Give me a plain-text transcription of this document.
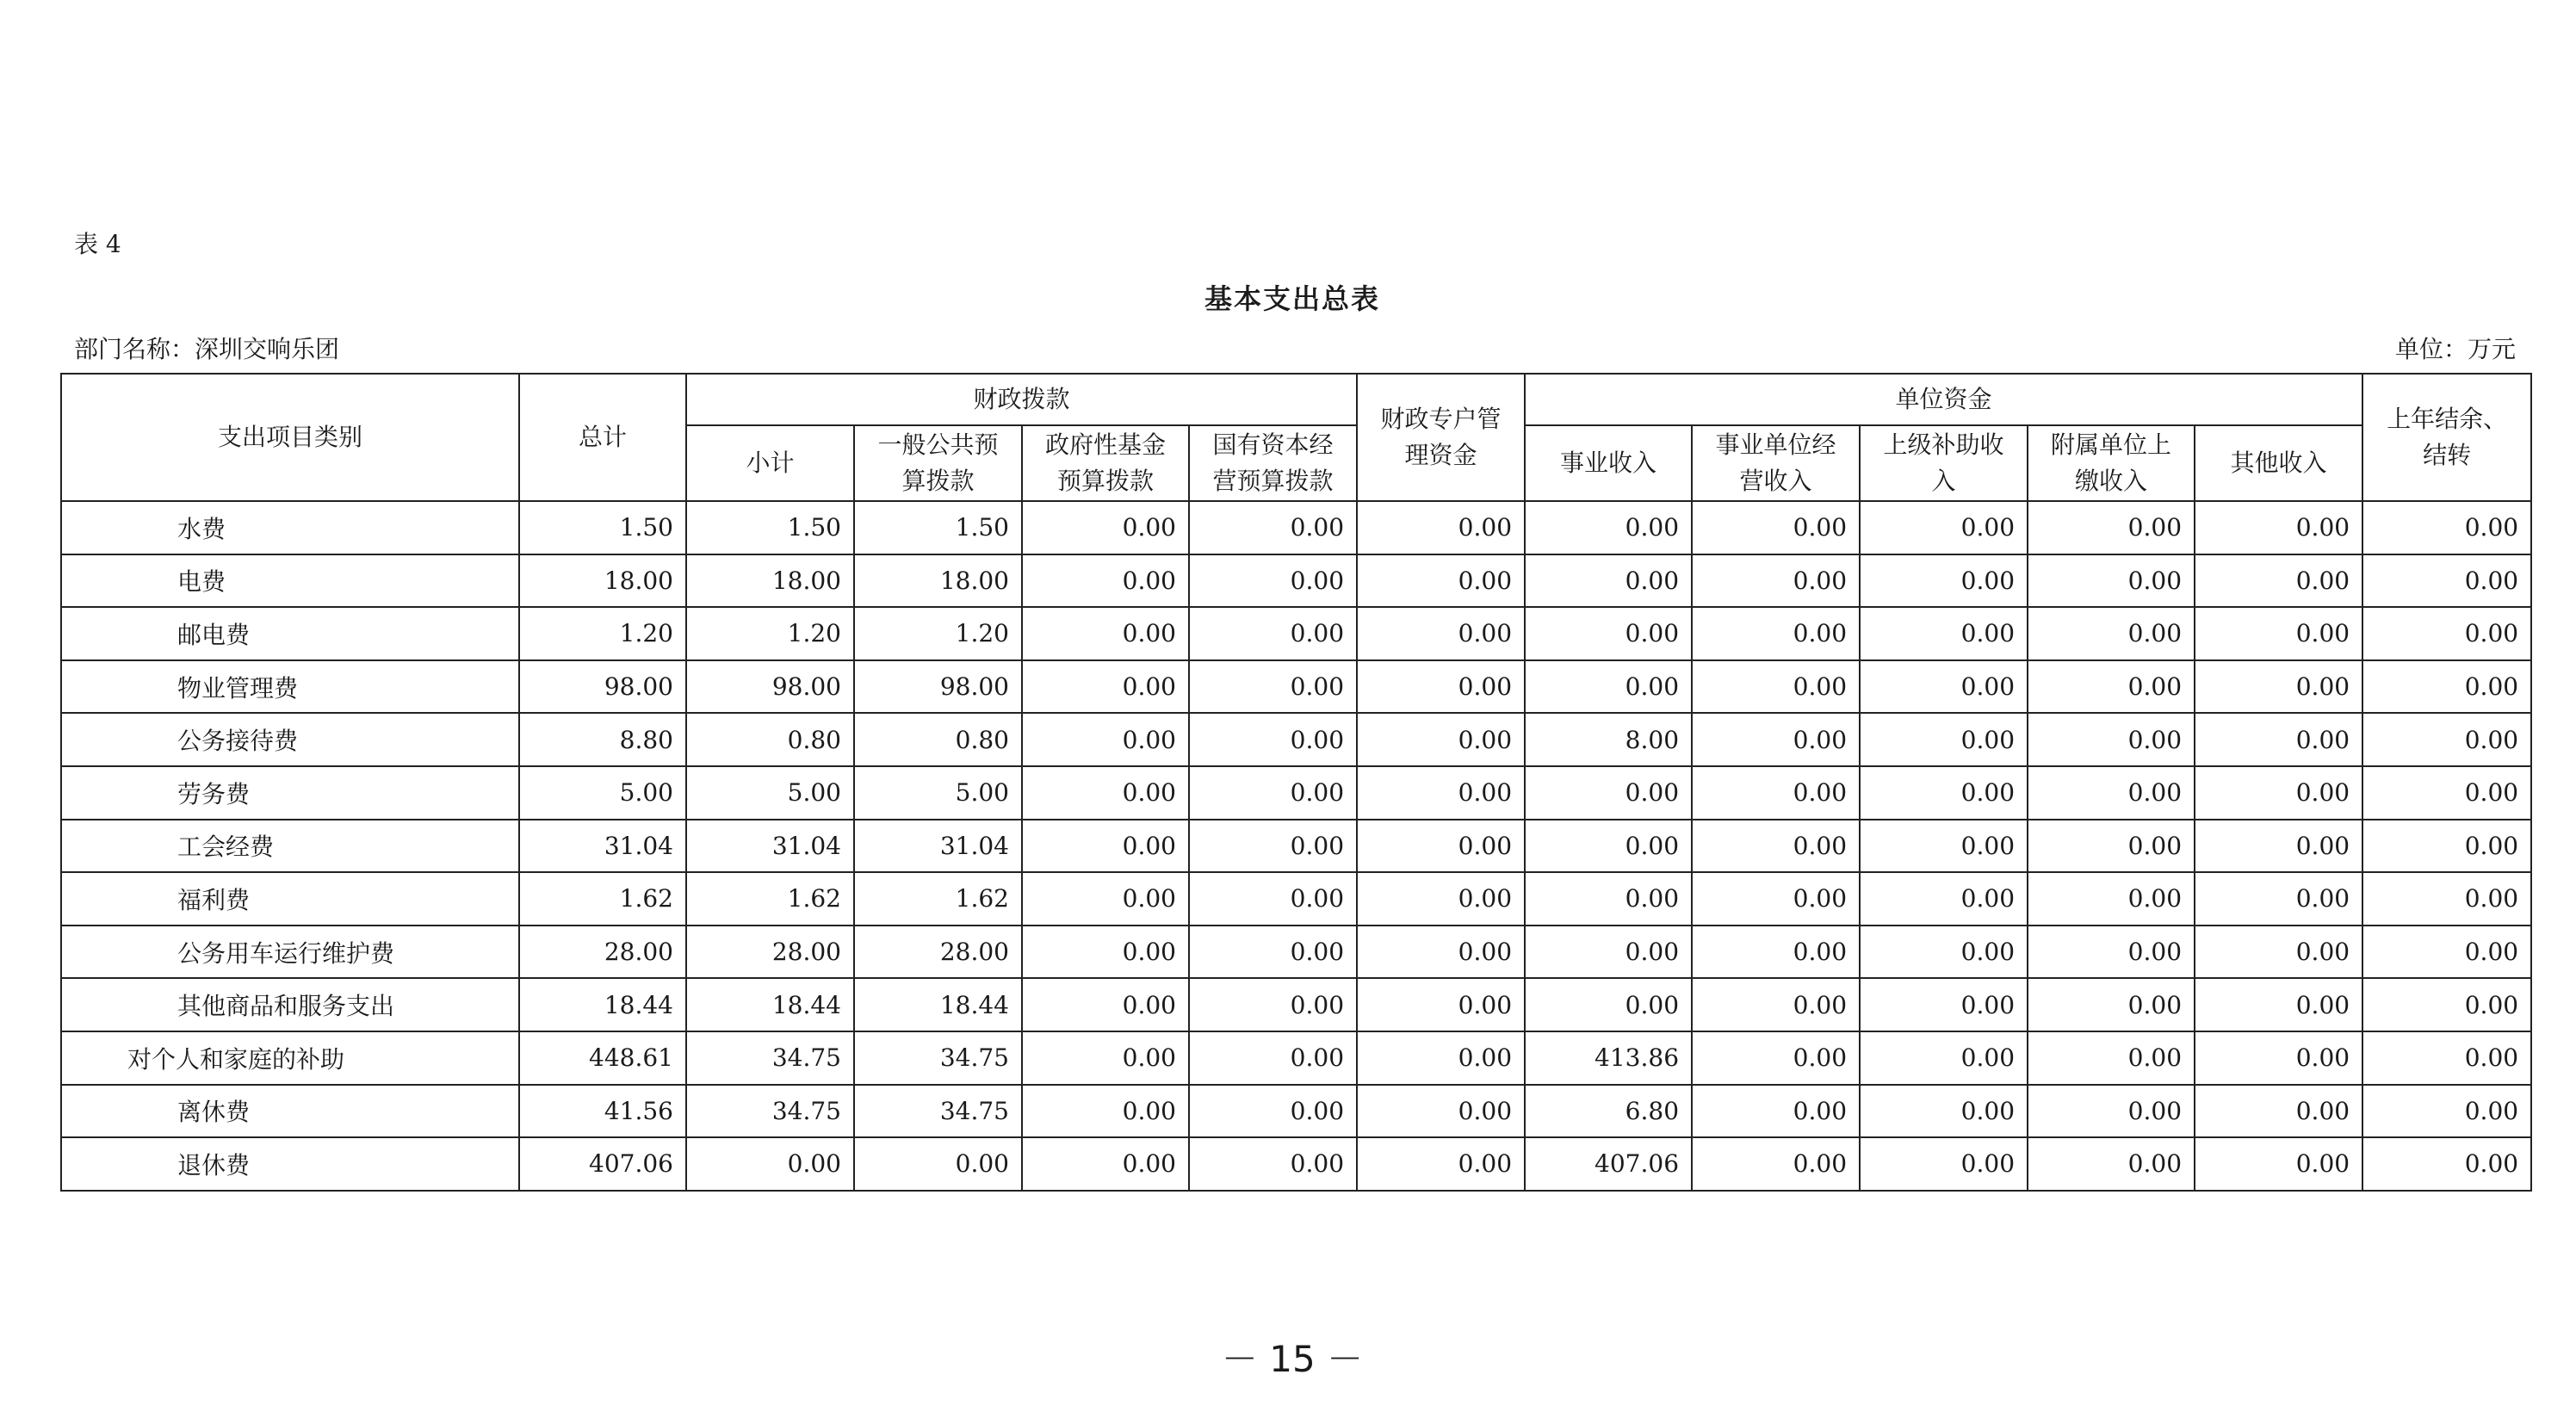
表 4
基本支出总表
部门名称：深圳交响乐团	单位：万元
支出项目类别	总计	财政拨款				财政专户管理资金	单位资金					上年结余、结转
		小计	一般公共预算拨款	政府性基金预算拨款	国有资本经营预算拨款		事业收入	事业单位经营收入	上级补助收入	附属单位上缴收入	其他收入	
水费	1.50	1.50	1.50	0.00	0.00	0.00	0.00	0.00	0.00	0.00	0.00	0.00
电费	18.00	18.00	18.00	0.00	0.00	0.00	0.00	0.00	0.00	0.00	0.00	0.00
邮电费	1.20	1.20	1.20	0.00	0.00	0.00	0.00	0.00	0.00	0.00	0.00	0.00
物业管理费	98.00	98.00	98.00	0.00	0.00	0.00	0.00	0.00	0.00	0.00	0.00	0.00
公务接待费	8.80	0.80	0.80	0.00	0.00	0.00	8.00	0.00	0.00	0.00	0.00	0.00
劳务费	5.00	5.00	5.00	0.00	0.00	0.00	0.00	0.00	0.00	0.00	0.00	0.00
工会经费	31.04	31.04	31.04	0.00	0.00	0.00	0.00	0.00	0.00	0.00	0.00	0.00
福利费	1.62	1.62	1.62	0.00	0.00	0.00	0.00	0.00	0.00	0.00	0.00	0.00
公务用车运行维护费	28.00	28.00	28.00	0.00	0.00	0.00	0.00	0.00	0.00	0.00	0.00	0.00
其他商品和服务支出	18.44	18.44	18.44	0.00	0.00	0.00	0.00	0.00	0.00	0.00	0.00	0.00
对个人和家庭的补助	448.61	34.75	34.75	0.00	0.00	0.00	413.86	0.00	0.00	0.00	0.00	0.00
离休费	41.56	34.75	34.75	0.00	0.00	0.00	6.80	0.00	0.00	0.00	0.00	0.00
退休费	407.06	0.00	0.00	0.00	0.00	0.00	407.06	0.00	0.00	0.00	0.00	0.00
－ 15 －
